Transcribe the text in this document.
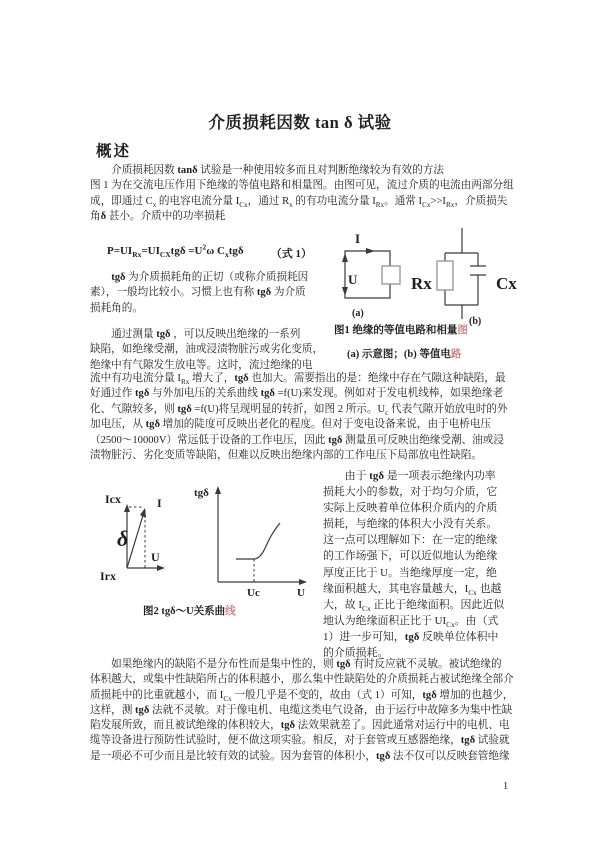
介质损耗因数 tan δ 试验
概述
　　介质损耗因数 tanδ 试验是一种使用较多而且对判断绝缘较为有效的方法
图 1 为在交流电压作用下绝缘的等值电路和相量图。由图可见，流过介质的电流由两部分组
成，即通过 $C_x$ 的电容电流分量 $I_{Cx}$，通过 $R_x$ 的有功电流分量 $I_{Rx}$。通常 $I_{Cx}>>I_{Rx}$，介质损失
角δ 甚小。介质中的功率损耗
$P=UI_{Rx}=UI_{CX}tg\delta =U^2\omega$ $C_xtg\delta$ （式 1）
　　tgδ 为介质损耗角的正切（或称介质损耗因
素），一般均比较小。习惯上也有称 tgδ 为介质
损耗角的。
　　通过测量 tgδ ，可以反映出绝缘的一系列
缺陷，如绝缘受潮，油或浸渍物脏污或劣化变质，
绝缘中有气隙发生放电等。这时，流过绝缘的电
流中有功电流分量 $I_{Rx}$ 增大了，tgδ 也加大。需要指出的是：绝缘中存在气隙这种缺陷，最
好通过作 tgδ 与外加电压的关系曲线 tgδ =f(U)来发现。例如对于发电机线棒，如果绝缘老
化、气隙较多，则 tgδ =f(U)将呈现明显的转折，如图 2 所示。$U_c$ 代表气隙开始放电时的外
加电压，从 tgδ 增加的陡度可反映出老化的程度。但对于变电设备来说，由于电桥电压
（2500～10000V）常远低于设备的工作电压，因此 tgδ 测量虽可反映出绝缘受潮、油或浸
渍物脏污、劣化变质等缺陷，但难以反映出绝缘内部的工作电压下局部放电性缺陷。
　　由于 tgδ 是一项表示绝缘内功率
损耗大小的参数，对于均匀介质，它
实际上反映着单位体积介质内的介质
损耗，与绝缘的体积大小没有关系。
这一点可以理解如下：在一定的绝缘
的工作场强下，可以近似地认为绝缘
厚度正比于 U。当绝缘厚度一定，绝
缘面积越大，其电容量越大，$I_{Cx}$ 也越
大，故 $I_{Cx}$ 正比于绝缘面积。因此近似
地认为绝缘面积正比于 $UI_{Cx}$。由（式
1）进一步可知，tgδ 反映单位体积中
的介质损耗。
　　如果绝缘内的缺陷不是分布性而是集中性的，则 tgδ 有时反应就不灵敏。被试绝缘的
体积越大，或集中性缺陷所占的体积越小，那么集中性缺陷处的介质损耗占被试绝缘全部介
质损耗中的比重就越小，而 $I_{Cx}$ 一般几乎是不变的，故由（式 1）可知，tgδ 增加的也越少，
这样，测 tgδ 法就不灵敏。对于像电机、电缆这类电气设备，由于运行中故障多为集中性缺
陷发展所致，而且被试绝缘的体积较大，tgδ 法效果就差了。因此通常对运行中的电机、电
缆等设备进行预防性试验时，便不做这项实验。相反，对于套管或互感器绝缘，tgδ 试验就
是一项必不可少而且是比较有效的试验。因为套管的体积小，tgδ 法不仅可以反映套管绝缘
I
U
(a)
Rx	Cx
(b)
图1 绝缘的等值电路和相量图
(a) 示意图；(b) 等值电路
Icx	I
δ
U
Irx
tgδ
Uc	U
图2 tgδ～U关系曲线
1
